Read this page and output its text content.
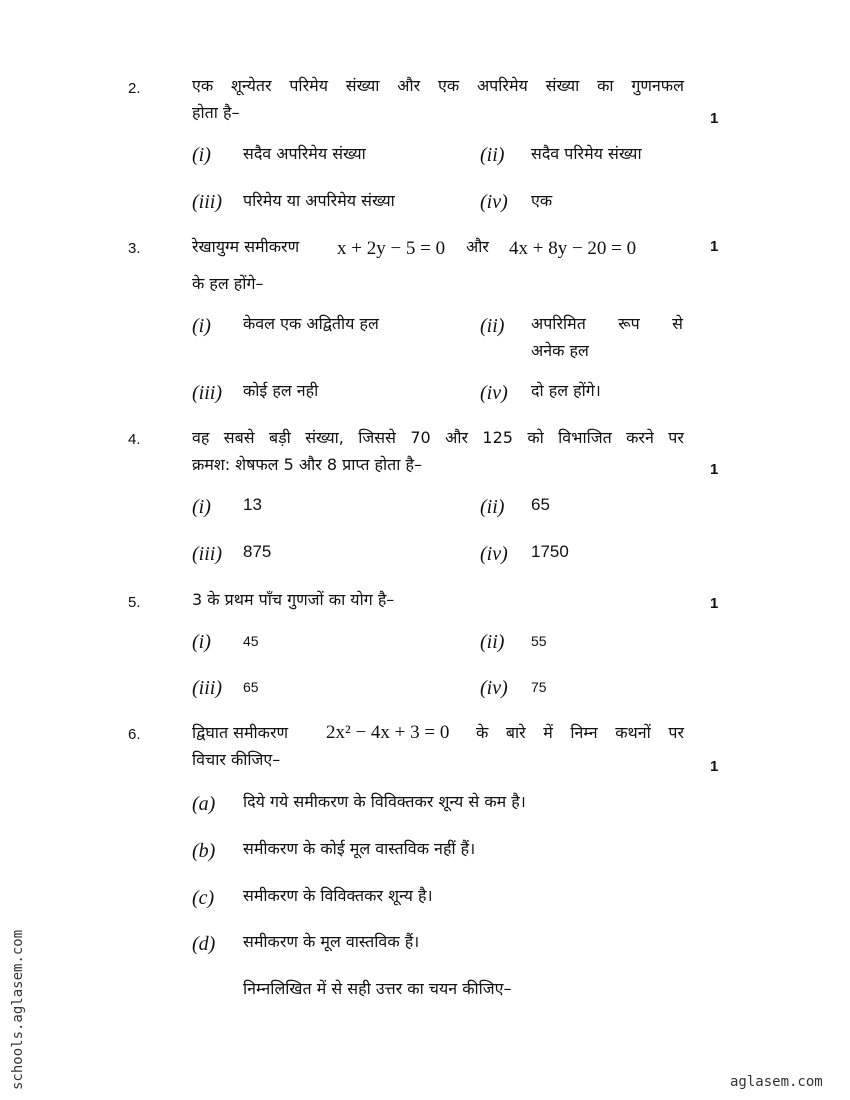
2.	एक शून्येतर परिमेय संख्या और एक अपरिमेय संख्या का गुणनफल
होता है–	1
(i) सदैव अपरिमेय संख्या	(ii) सदैव परिमेय संख्या
(iii) परिमेय या अपरिमेय संख्या	(iv) एक
3.	रेखायुग्म समीकरण x + 2y − 5 = 0 और 4x + 8y − 20 = 0
के हल होंगे–
1
(i) केवल एक अद्वितीय हल	(ii) अपरिमित रूप से
अनेक हल
(iii) कोई हल नही	(iv) दो हल होंगे।
4.	वह सबसे बड़ी संख्या, जिससे 70 और 125 को विभाजित करने पर
क्रमश: शेषफल 5 और 8 प्राप्त होता है–	1
(i) 13	(ii) 65
(iii) 875	(iv) 1750
5.	3 के प्रथम पाँच गुणजों का योग है–	1
(i) 45	(ii) 55
(iii) 65	(iv) 75
6.	द्विघात समीकरण 2x² − 4x + 3 = 0 के बारे में निम्न कथनों पर
विचार कीजिए–	1
(a) दिये गये समीकरण के विविक्तकर शून्य से कम है।
(b) समीकरण के कोई मूल वास्तविक नहीं हैं।
(c) समीकरण के विविक्तकर शून्य है।
(d) समीकरण के मूल वास्तविक हैं।
निम्नलिखित में से सही उत्तर का चयन कीजिए–
schools.aglasem.com	aglasem.com
